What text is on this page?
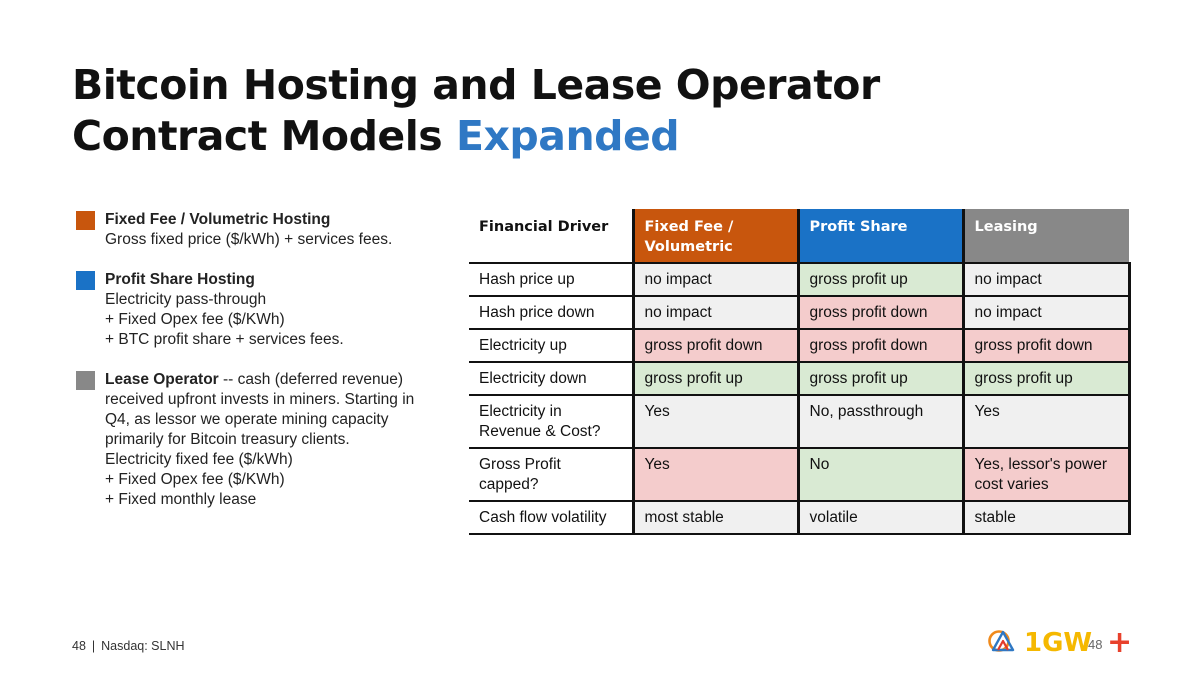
Bitcoin Hosting and Lease Operator
Contract Models Expanded
Fixed Fee / Volumetric Hosting
Gross fixed price ($/kWh) + services fees.
Profit Share Hosting
Electricity pass-through
+ Fixed Opex fee ($/KWh)
+ BTC profit share + services fees.
Lease Operator -- cash (deferred revenue) received upfront invests in miners. Starting in Q4, as lessor we operate mining capacity primarily for Bitcoin treasury clients.
Electricity fixed fee ($/kWh)
+ Fixed Opex fee ($/KWh)
+ Fixed monthly lease
Financial Driver	Fixed Fee / Volumetric	Profit Share	Leasing
Hash price up	no impact	gross profit up	no impact
Hash price down	no impact	gross profit down	no impact
Electricity up	gross profit down	gross profit down	gross profit down
Electricity down	gross profit up	gross profit up	gross profit up
Electricity in Revenue & Cost?	Yes	No, passthrough	Yes
Gross Profit capped?	Yes	No	Yes, lessor's power cost varies
Cash flow volatility	most stable	volatile	stable
48 | Nasdaq: SLNH	1GW +
48
